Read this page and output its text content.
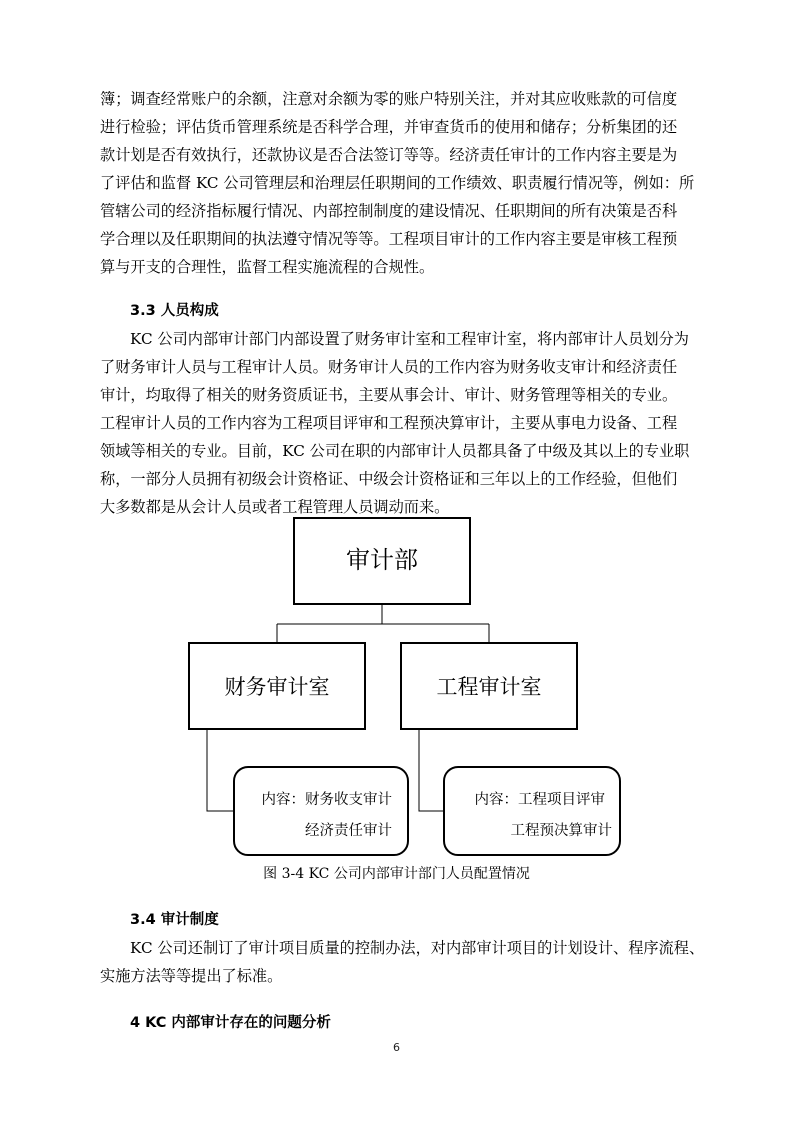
簿；调查经常账户的余额，注意对余额为零的账户特别关注，并对其应收账款的可信度
进行检验；评估货币管理系统是否科学合理，并审查货币的使用和储存；分析集团的还
款计划是否有效执行，还款协议是否合法签订等等。经济责任审计的工作内容主要是为
了评估和监督 KC 公司管理层和治理层任职期间的工作绩效、职责履行情况等，例如：所
管辖公司的经济指标履行情况、内部控制制度的建设情况、任职期间的所有决策是否科
学合理以及任职期间的执法遵守情况等等。工程项目审计的工作内容主要是审核工程预
算与开支的合理性，监督工程实施流程的合规性。
3.3 人员构成
KC 公司内部审计部门内部设置了财务审计室和工程审计室，将内部审计人员划分为
了财务审计人员与工程审计人员。财务审计人员的工作内容为财务收支审计和经济责任
审计，均取得了相关的财务资质证书，主要从事会计、审计、财务管理等相关的专业。
工程审计人员的工作内容为工程项目评审和工程预决算审计，主要从事电力设备、工程
领域等相关的专业。目前，KC 公司在职的内部审计人员都具备了中级及其以上的专业职
称，一部分人员拥有初级会计资格证、中级会计资格证和三年以上的工作经验，但他们
大多数都是从会计人员或者工程管理人员调动而来。
审计部
财务审计室	工程审计室
内容：财务收支审计
经济责任审计
内容：工程项目评审
工程预决算审计
图 3-4 KC 公司内部审计部门人员配置情况
3.4 审计制度
KC 公司还制订了审计项目质量的控制办法，对内部审计项目的计划设计、程序流程、
实施方法等等提出了标准。
4 KC 内部审计存在的问题分析
6
